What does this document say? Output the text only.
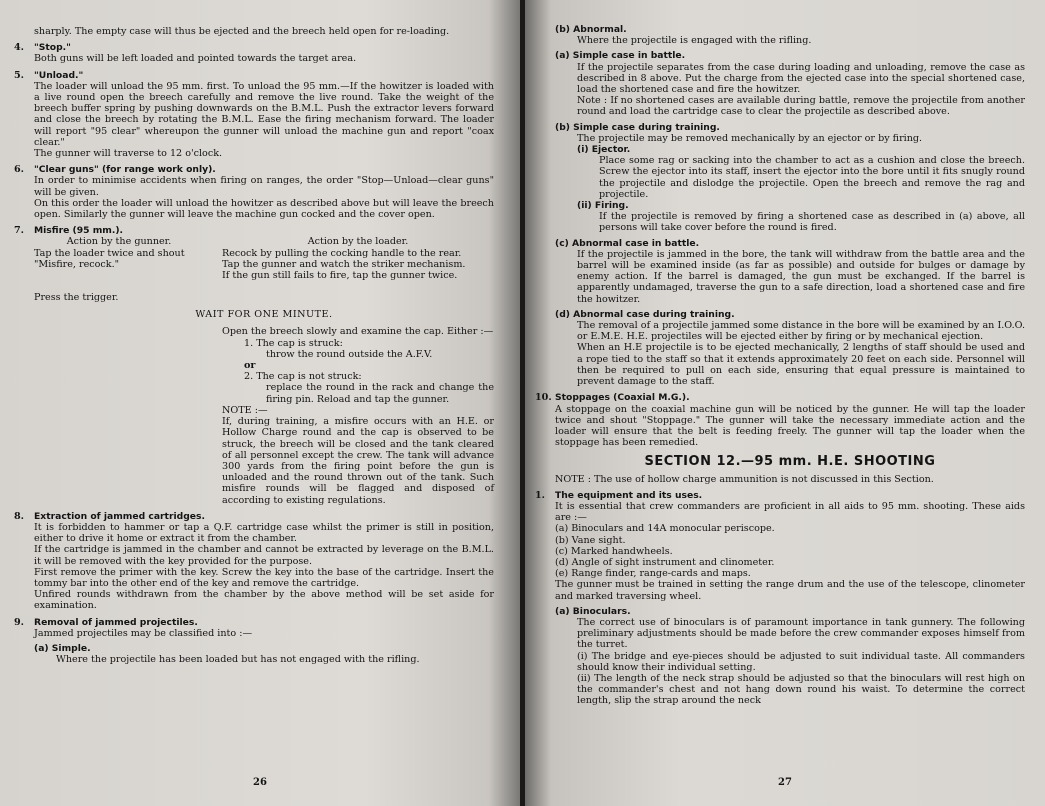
sharply. The empty case will thus be ejected and the breech held open for re-loading.

4. "Stop."

Both guns will be left loaded and pointed towards the target area.

5. "Unload."

The loader will unload the 95 mm. first. To unload the 95 mm.—If the howitzer is loaded with a live round open the breech carefully and remove the live round. Take the weight of the breech buffer spring by pushing downwards on the B.M.L. Push the extractor levers forward and close the breech by rotating the B.M.L. Ease the firing mechanism forward. The loader will report "95 clear" whereupon the gunner will unload the machine gun and report "coax clear."

The gunner will traverse to 12 o'clock.

6. "Clear guns" (for range work only).

In order to minimise accidents when firing on ranges, the order "Stop—Unload—clear guns" will be given.

On this order the loader will unload the howitzer as described above but will leave the breech open. Similarly the gunner will leave the machine gun cocked and the cover open.

7. Misfire (95 mm.).

Action by the gunner.

Tap the loader twice and shout "Misfire, recock."

Press the trigger.

Action by the loader.

Recock by pulling the cocking handle to the rear.

Tap the gunner and watch the striker mechanism.

If the gun still fails to fire, tap the gunner twice.

WAIT FOR ONE MINUTE.

Open the breech slowly and examine the cap. Either :—

1. The cap is struck:

throw the round outside the A.F.V.

or

2. The cap is not struck:

replace the round in the rack and change the firing pin. Reload and tap the gunner.

NOTE :—

If, during training, a misfire occurs with an H.E. or Hollow Charge round and the cap is observed to be struck, the breech will be closed and the tank cleared of all personnel except the crew. The tank will advance 300 yards from the firing point before the gun is unloaded and the round thrown out of the tank. Such misfire rounds will be flagged and disposed of according to existing regulations.

8. Extraction of jammed cartridges.

It is forbidden to hammer or tap a Q.F. cartridge case whilst the primer is still in position, either to drive it home or extract it from the chamber.

If the cartridge is jammed in the chamber and cannot be extracted by leverage on the B.M.L. it will be removed with the key provided for the purpose.

First remove the primer with the key. Screw the key into the base of the cartridge. Insert the tommy bar into the other end of the key and remove the cartridge.

Unfired rounds withdrawn from the chamber by the above method will be set aside for examination.

9. Removal of jammed projectiles.

Jammed projectiles may be classified into :—

(a) Simple.

Where the projectile has been loaded but has not engaged with the rifling.

26

(b) Abnormal.

Where the projectile is engaged with the rifling.

(a) Simple case in battle.

If the projectile separates from the case during loading and unloading, remove the case as described in 8 above. Put the charge from the ejected case into the special shortened case, load the shortened case and fire the howitzer.

Note : If no shortened cases are available during battle, remove the projectile from another round and load the cartridge case to clear the projectile as described above.

(b) Simple case during training.

The projectile may be removed mechanically by an ejector or by firing.

(i) Ejector.

Place some rag or sacking into the chamber to act as a cushion and close the breech. Screw the ejector into its staff, insert the ejector into the bore until it fits snugly round the projectile and dislodge the projectile. Open the breech and remove the rag and projectile.

(ii) Firing.

If the projectile is removed by firing a shortened case as described in (a) above, all persons will take cover before the round is fired.

(c) Abnormal case in battle.

If the projectile is jammed in the bore, the tank will withdraw from the battle area and the barrel will be examined inside (as far as possible) and outside for bulges or damage by enemy action. If the barrel is damaged, the gun must be exchanged. If the barrel is apparently undamaged, traverse the gun to a safe direction, load a shortened case and fire the howitzer.

(d) Abnormal case during training.

The removal of a projectile jammed some distance in the bore will be examined by an I.O.O. or E.M.E. H.E. projectiles will be ejected either by firing or by mechanical ejection.

When an H.E projectile is to be ejected mechanically, 2 lengths of staff should be used and a rope tied to the staff so that it extends approximately 20 feet on each side. Personnel will then be required to pull on each side, ensuring that equal pressure is maintained to prevent damage to the staff.

10. Stoppages (Coaxial M.G.).

A stoppage on the coaxial machine gun will be noticed by the gunner. He will tap the loader twice and shout "Stoppage." The gunner will take the necessary immediate action and the loader will ensure that the belt is feeding freely. The gunner will tap the loader when the stoppage has been remedied.

SECTION 12.—95 mm. H.E. SHOOTING

NOTE : The use of hollow charge ammunition is not discussed in this Section.

1. The equipment and its uses.

It is essential that crew commanders are proficient in all aids to 95 mm. shooting. These aids are :—

(a) Binoculars and 14A monocular periscope.

(b) Vane sight.

(c) Marked handwheels.

(d) Angle of sight instrument and clinometer.

(e) Range finder, range-cards and maps.

The gunner must be trained in setting the range drum and the use of the telescope, clinometer and marked traversing wheel.

(a) Binoculars.

The correct use of binoculars is of paramount importance in tank gunnery. The following preliminary adjustments should be made before the crew commander exposes himself from the turret.

(i) The bridge and eye-pieces should be adjusted to suit individual taste. All commanders should know their individual setting.

(ii) The length of the neck strap should be adjusted so that the binoculars will rest high on the commander's chest and not hang down round his waist. To determine the correct length, slip the strap around the neck

27
